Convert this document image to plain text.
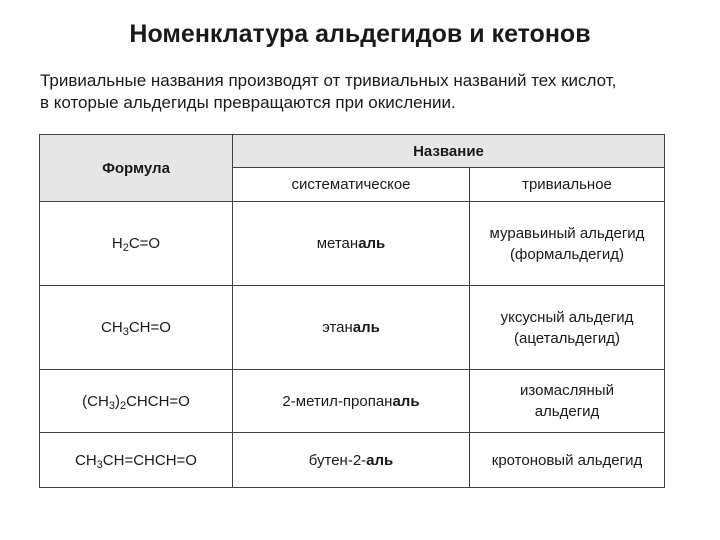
Номенклатура альдегидов и кетонов
Тривиальные названия производят от тривиальных названий тех кислот,
в которые альдегиды превращаются при окислении.
Формула	Название	
	систематическое	тривиальное
$H_2C=O$	метаналь	муравьиный альдегид
(формальдегид)

$CH_3CH=O$	этаналь	уксусный альдегид
(ацетальдегид)

$(CH_3)_2CHCH=O$	2-метил-пропаналь	изомасляный
альдегид

$CH_3CH=CHCH=O$	бутен-2-аль	кротоновый альдегид
